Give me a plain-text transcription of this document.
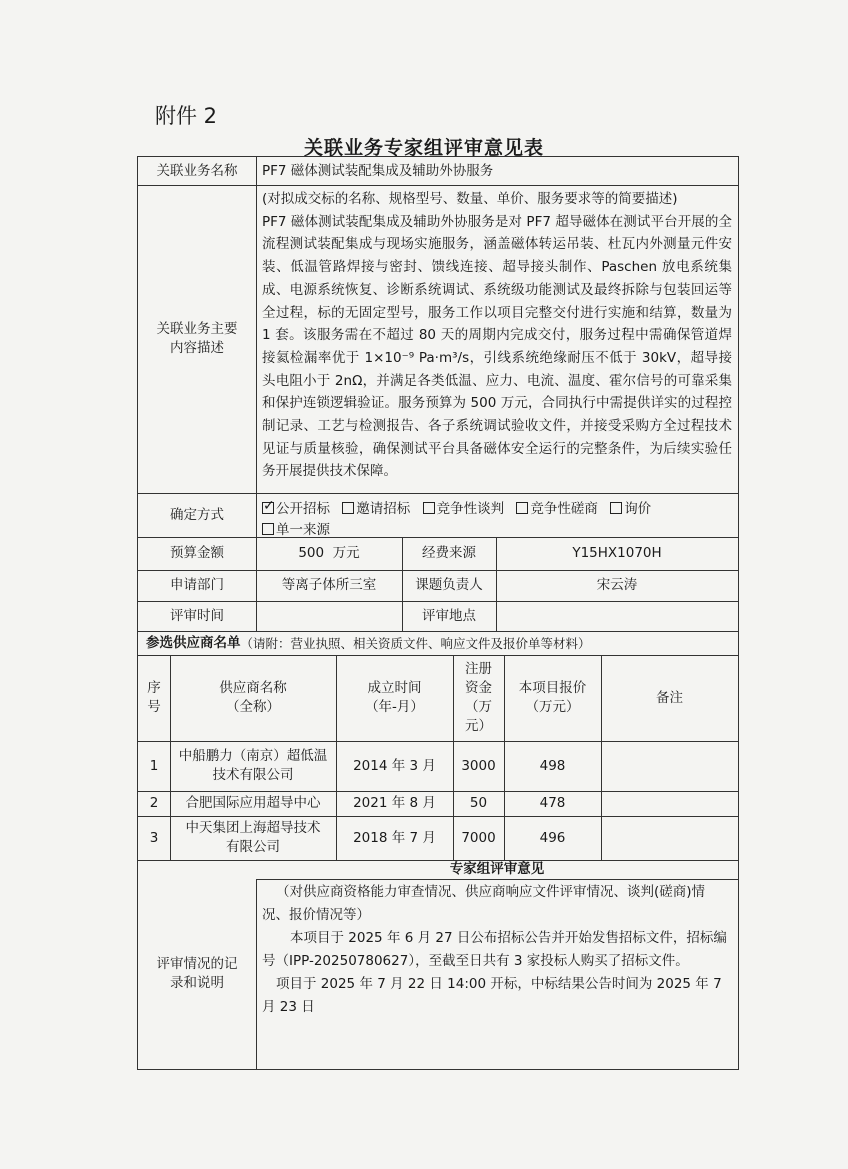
附件 2
关联业务专家组评审意见表
关联业务名称	PF7 磁体测试装配集成及辅助外协服务
关联业务主要内容描述
(对拟成交标的名称、规格型号、数量、单价、服务要求等的简要描述)
PF7 磁体测试装配集成及辅助外协服务是对 PF7 超导磁体在测试平台开展的全流程测试装配集成与现场实施服务，涵盖磁体转运吊装、杜瓦内外测量元件安装、低温管路焊接与密封、馈线连接、超导接头制作、Paschen 放电系统集成、电源系统恢复、诊断系统调试、系统级功能测试及最终拆除与包装回运等全过程，标的无固定型号，服务工作以项目完整交付进行实施和结算，数量为 1 套。该服务需在不超过 80 天的周期内完成交付，服务过程中需确保管道焊接氦检漏率优于 1×10⁻⁹ Pa·m³/s，引线系统绝缘耐压不低于 30kV，超导接头电阻小于 2nΩ，并满足各类低温、应力、电流、温度、霍尔信号的可靠采集和保护连锁逻辑验证。服务预算为 500 万元，合同执行中需提供详实的过程控制记录、工艺与检测报告、各子系统调试验收文件，并接受采购方全过程技术见证与质量核验，确保测试平台具备磁体安全运行的完整条件，为后续实验任务开展提供技术保障。
确定方式
✓	公开招标 邀请招标 竞争性谈判 竞争性磋商 询价
单一来源
预算金额	500  万元	经费来源	Y15HX1070H
申请部门	等离子体所三室	课题负责人	宋云涛
评审时间	评审地点
参选供应商名单 （请附：营业执照、相关资质文件、响应文件及报价单等材料）
序号
供应商名称（全称）
成立时间（年-月）
注册资金（万元）
本项目报价（万元）
备注
1
中船鹏力（南京）超低温技术有限公司
2014 年 3 月	3000	498
2	合肥国际应用超导中心	2021 年 8 月	50	478
3
中天集团上海超导技术有限公司
2018 年 7 月	7000	496
专家组评审意见
评审情况的记录和说明

（对供应商资格能力审查情况、供应商响应文件评审情况、谈判(磋商)情况、报价情况等）

本项目于 2025 年 6 月 27 日公布招标公告并开始发售招标文件，招标编号（IPP-20250780627），至截至日共有 3 家投标人购买了招标文件。

项目于 2025 年 7 月 22 日 14:00 开标，中标结果公告时间为 2025 年 7 月 23 日
